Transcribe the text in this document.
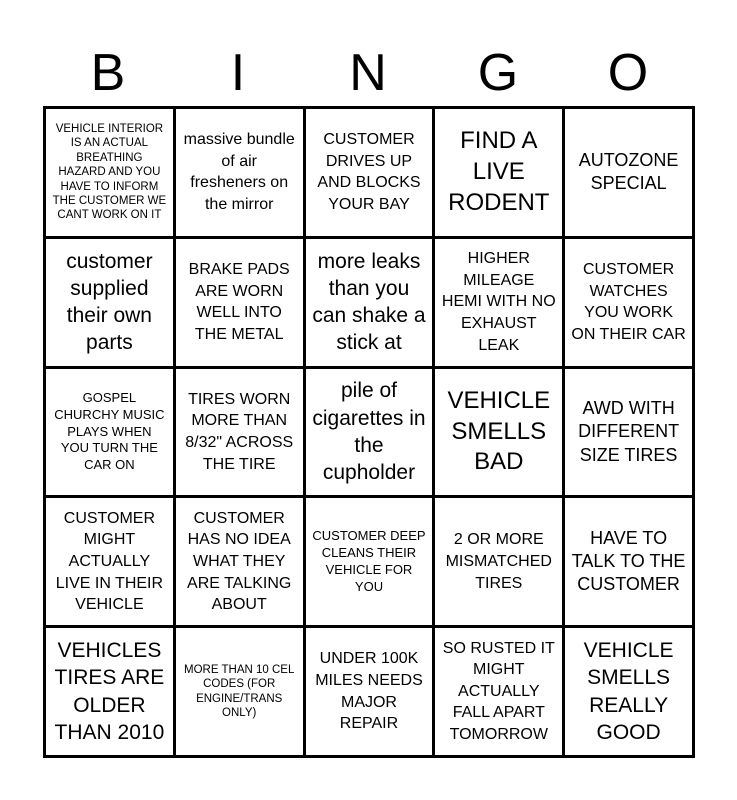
B	I	N	G	O
VEHICLE INTERIOR IS AN ACTUAL BREATHING HAZARD AND YOU HAVE TO INFORM THE CUSTOMER WE CANT WORK ON IT
massive bundle of air fresheners on the mirror
CUSTOMER DRIVES UP AND BLOCKS YOUR BAY
FIND A LIVE RODENT
AUTOZONE SPECIAL
customer supplied their own parts
BRAKE PADS ARE WORN WELL INTO THE METAL
more leaks than you can shake a stick at
HIGHER MILEAGE HEMI WITH NO EXHAUST LEAK
CUSTOMER WATCHES YOU WORK ON THEIR CAR
GOSPEL CHURCHY MUSIC PLAYS WHEN YOU TURN THE CAR ON
TIRES WORN MORE THAN 8/32" ACROSS THE TIRE
pile of cigarettes in the cupholder
VEHICLE SMELLS BAD
AWD WITH DIFFERENT SIZE TIRES
CUSTOMER MIGHT ACTUALLY LIVE IN THEIR VEHICLE
CUSTOMER HAS NO IDEA WHAT THEY ARE TALKING ABOUT
CUSTOMER DEEP CLEANS THEIR VEHICLE FOR YOU
2 OR MORE MISMATCHED TIRES
HAVE TO TALK TO THE CUSTOMER
VEHICLES TIRES ARE OLDER THAN 2010
MORE THAN 10 CEL CODES (FOR ENGINE/TRANS ONLY)
UNDER 100K MILES NEEDS MAJOR REPAIR
SO RUSTED IT MIGHT ACTUALLY FALL APART TOMORROW
VEHICLE SMELLS REALLY GOOD
